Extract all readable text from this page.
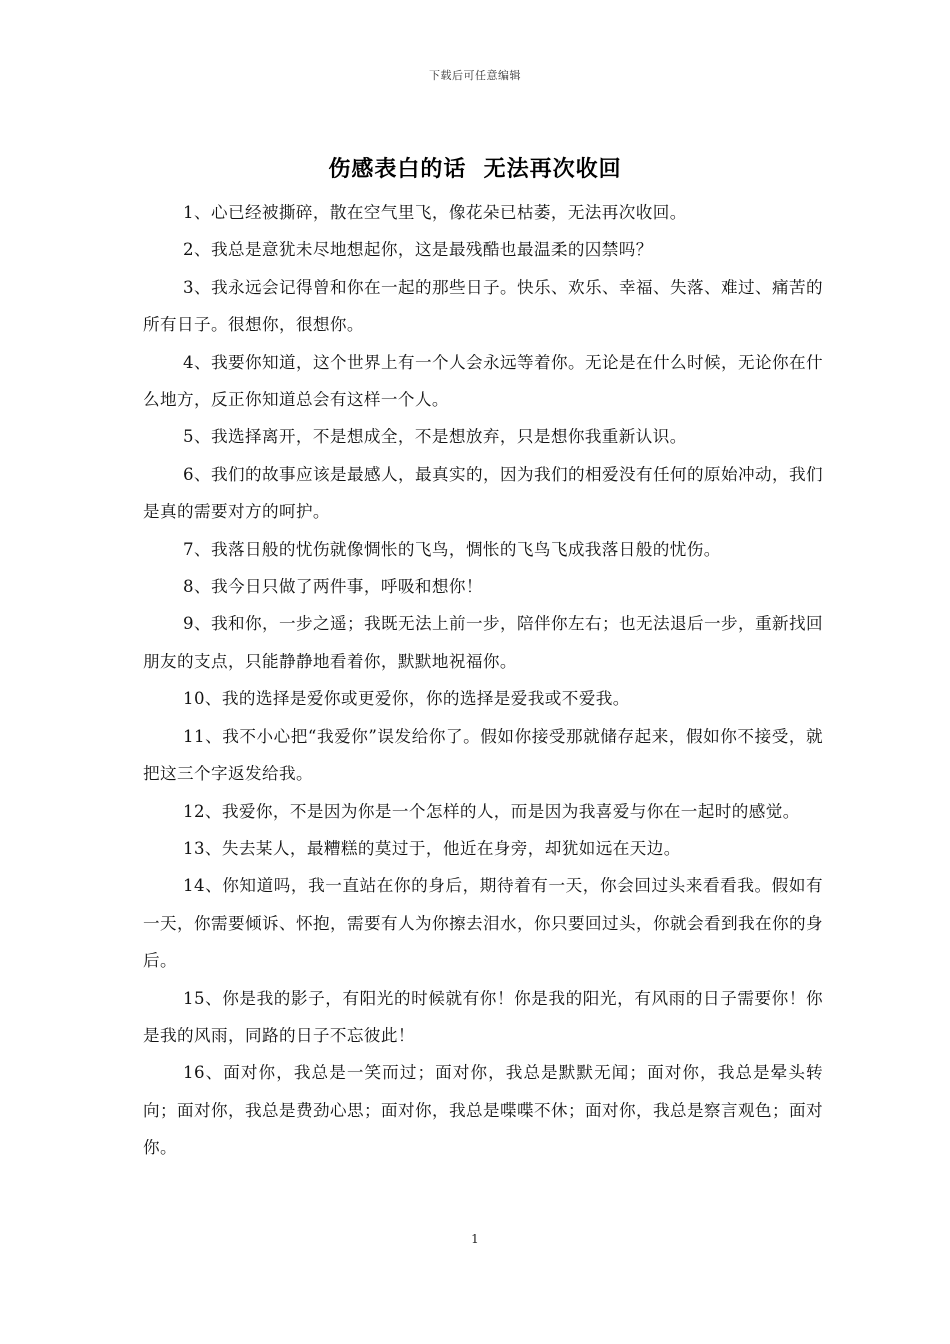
下载后可任意编辑
伤感表白的话  无法再次收回

1、心已经被撕碎，散在空气里飞，像花朵已枯萎，无法再次收回。

2、我总是意犹未尽地想起你，这是最残酷也最温柔的囚禁吗？

3、我永远会记得曾和你在一起的那些日子。快乐、欢乐、幸福、失落、难过、痛苦的所有日子。很想你，很想你。

4、我要你知道，这个世界上有一个人会永远等着你。无论是在什么时候，无论你在什么地方，反正你知道总会有这样一个人。

5、我选择离开，不是想成全，不是想放弃，只是想你我重新认识。

6、我们的故事应该是最感人，最真实的，因为我们的相爱没有任何的原始冲动，我们是真的需要对方的呵护。

7、我落日般的忧伤就像惆怅的飞鸟，惆怅的飞鸟飞成我落日般的忧伤。

8、我今日只做了两件事，呼吸和想你！

9、我和你，一步之遥；我既无法上前一步，陪伴你左右；也无法退后一步，重新找回朋友的支点，只能静静地看着你，默默地祝福你。

10、我的选择是爱你或更爱你，你的选择是爱我或不爱我。

11、我不小心把“我爱你”误发给你了。假如你接受那就储存起来，假如你不接受，就把这三个字返发给我。

12、我爱你，不是因为你是一个怎样的人，而是因为我喜爱与你在一起时的感觉。

13、失去某人，最糟糕的莫过于，他近在身旁，却犹如远在天边。

14、你知道吗，我一直站在你的身后，期待着有一天，你会回过头来看看我。假如有一天，你需要倾诉、怀抱，需要有人为你擦去泪水，你只要回过头，你就会看到我在你的身后。

15、你是我的影子，有阳光的时候就有你！你是我的阳光，有风雨的日子需要你！你是我的风雨，同路的日子不忘彼此！

16、面对你，我总是一笑而过；面对你，我总是默默无闻；面对你，我总是晕头转向；面对你，我总是费劲心思；面对你，我总是喋喋不休；面对你，我总是察言观色；面对你。

1
